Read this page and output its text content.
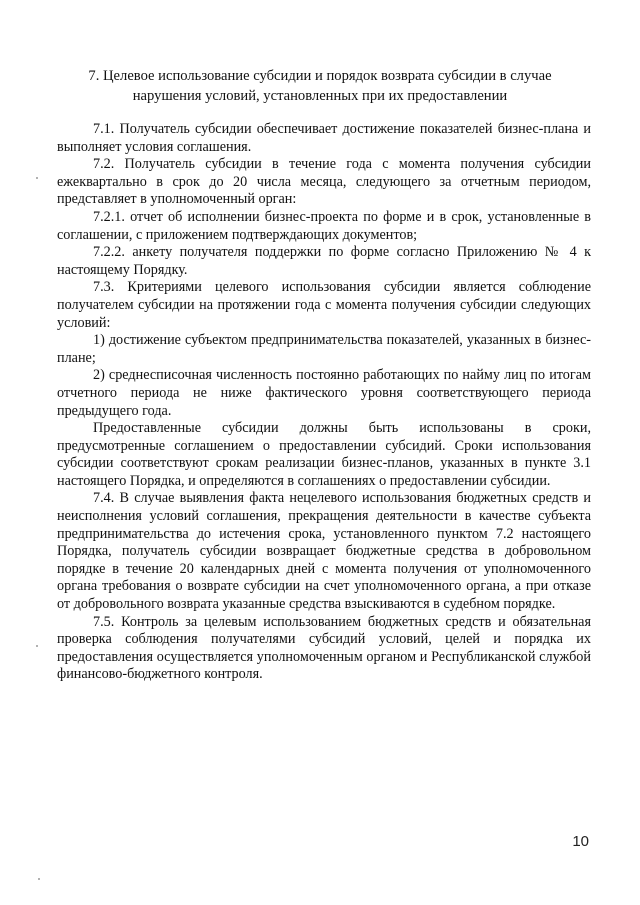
7. Целевое использование субсидии и порядок возврата субсидии в случае
нарушения условий, установленных при их предоставлении

7.1. Получатель субсидии обеспечивает достижение показателей бизнес-плана и выполняет условия соглашения.

7.2. Получатель субсидии в течение года с момента получения субсидии ежеквартально в срок до 20 числа месяца, следующего за отчетным периодом, представляет в уполномоченный орган:

7.2.1. отчет об исполнении бизнес-проекта по форме и в срок, установленные в соглашении, с приложением подтверждающих документов;

7.2.2. анкету получателя поддержки по форме согласно Приложению № 4 к настоящему Порядку.

7.3. Критериями целевого использования субсидии является соблюдение получателем субсидии на протяжении года с момента получения субсидии следующих условий:

1) достижение субъектом предпринимательства показателей, указанных в бизнес-плане;

2) среднесписочная численность постоянно работающих по найму лиц по итогам отчетного периода не ниже фактического уровня соответствующего периода предыдущего года.

Предоставленные субсидии должны быть использованы в сроки, предусмотренные соглашением о предоставлении субсидий. Сроки использования субсидии соответствуют срокам реализации бизнес-планов, указанных в пункте 3.1 настоящего Порядка, и определяются в соглашениях о предоставлении субсидии.

7.4. В случае выявления факта нецелевого использования бюджетных средств и неисполнения условий соглашения, прекращения деятельности в качестве субъекта предпринимательства до истечения срока, установленного пунктом 7.2 настоящего Порядка, получатель субсидии возвращает бюджетные средства в добровольном порядке в течение 20 календарных дней с момента получения от уполномоченного органа требования о возврате субсидии на счет уполномоченного органа, а при отказе от добровольного возврата указанные средства взыскиваются в судебном порядке.

7.5. Контроль за целевым использованием бюджетных средств и обязательная проверка соблюдения получателями субсидий условий, целей и порядка их предоставления осуществляется уполномоченным органом и Республиканской службой финансово-бюджетного контроля.

10
